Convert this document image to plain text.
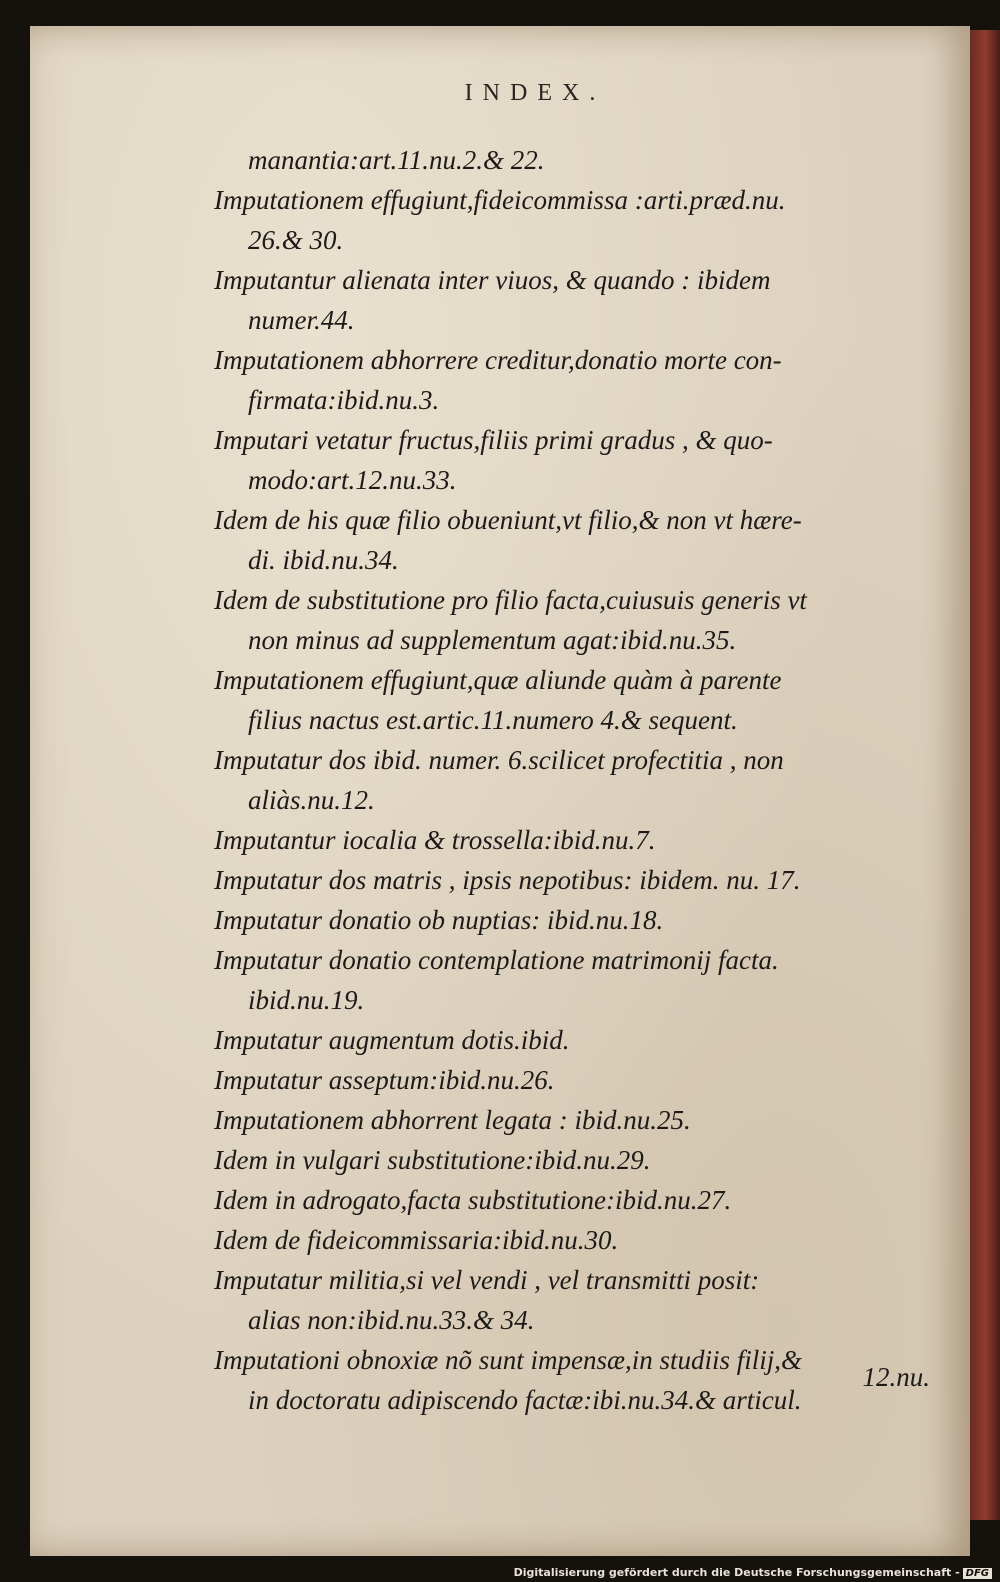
INDEX.
manantia:art.11.nu.2.& 22.
Imputationem effugiunt,fideicommissa :arti.præd.nu.
26.& 30.
Imputantur alienata inter viuos, & quando : ibidem
numer.44.
Imputationem abhorrere creditur,donatio morte con-
firmata:ibid.nu.3.
Imputari vetatur fructus,filiis primi gradus , & quo-
modo:art.12.nu.33.
Idem de his quæ filio obueniunt,vt filio,& non vt hære-
di. ibid.nu.34.
Idem de substitutione pro filio facta,cuiusuis generis vt
non minus ad supplementum agat:ibid.nu.35.
Imputationem effugiunt,quæ aliunde quàm à parente
filius nactus est.artic.11.numero 4.& sequent.
Imputatur dos ibid. numer. 6.scilicet profectitia , non
aliàs.nu.12.
Imputantur iocalia & trossella:ibid.nu.7.
Imputatur dos matris , ipsis nepotibus: ibidem. nu. 17.
Imputatur donatio ob nuptias: ibid.nu.18.
Imputatur donatio contemplatione matrimonij facta.
ibid.nu.19.
Imputatur augmentum dotis.ibid.
Imputatur asseptum:ibid.nu.26.
Imputationem abhorrent legata : ibid.nu.25.
Idem in vulgari substitutione:ibid.nu.29.
Idem in adrogato,facta substitutione:ibid.nu.27.
Idem de fideicommissaria:ibid.nu.30.
Imputatur militia,si vel vendi , vel transmitti posit:
alias non:ibid.nu.33.& 34.
Imputationi obnoxiæ nõ sunt impensæ,in studiis filij,&
in doctoratu adipiscendo factæ:ibi.nu.34.& articul.
12.nu.
Digitalisierung gefördert durch die Deutsche Forschungsgemeinschaft - DFG
